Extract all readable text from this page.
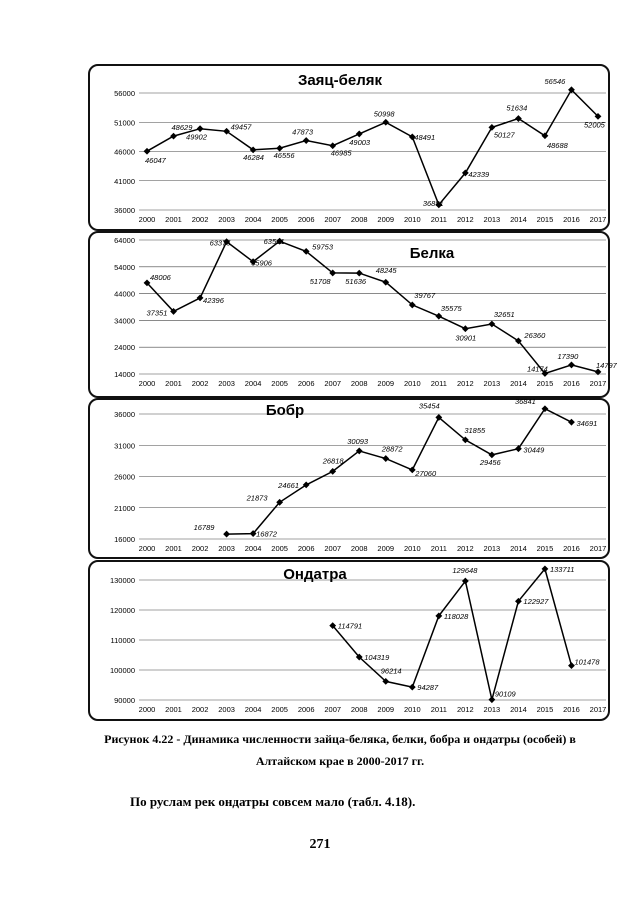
36000
41000
46000
51000
56000
2000 2001 2002 2003 2004 2005 2006 2007 2008 2009 2010 2011 2012 2013 2014 2015 2016 2017
Заяц-беляк
46047
48629
49902
49457
46284 46556
47873
46985
49003
50998
48491
36881
42339
50127
51634
48688
56546
52005
14000
24000
34000
44000
54000
64000
2000 2001 2002 2003 2004 2005 2006 2007 2008 2009 2010 2011 2012 2013 2014 2015 2016 2017
Белка
48006
37351
42396
63375
55906
63561
59753
51708 51636
48245
39767
35575
30901
32651
26360
14174
17390
14797
16000
21000
26000
31000
36000
2000 2001 2002 2003 2004 2005 2006 2007 2008 2009 2010 2011 2012 2013 2014 2015 2016 2017
Бобр
16789
16872
21873
24661
26818
30093
28872
27060
35454
31855
29456
30449
36841
34691
90000
100000
110000
120000
130000
2000 2001 2002 2003 2004 2005 2006 2007 2008 2009 2010 2011 2012 2013 2014 2015 2016 2017
Ондатра
114791
104319
96214
94287
118028
129648
90109
122927
133711
101478
Рисунок 4.22 - Динамика численности зайца-беляка, белки, бобра и ондатры (особей) в
Алтайском крае в 2000-2017 гг.
По руслам рек ондатры совсем мало (табл. 4.18).
271
